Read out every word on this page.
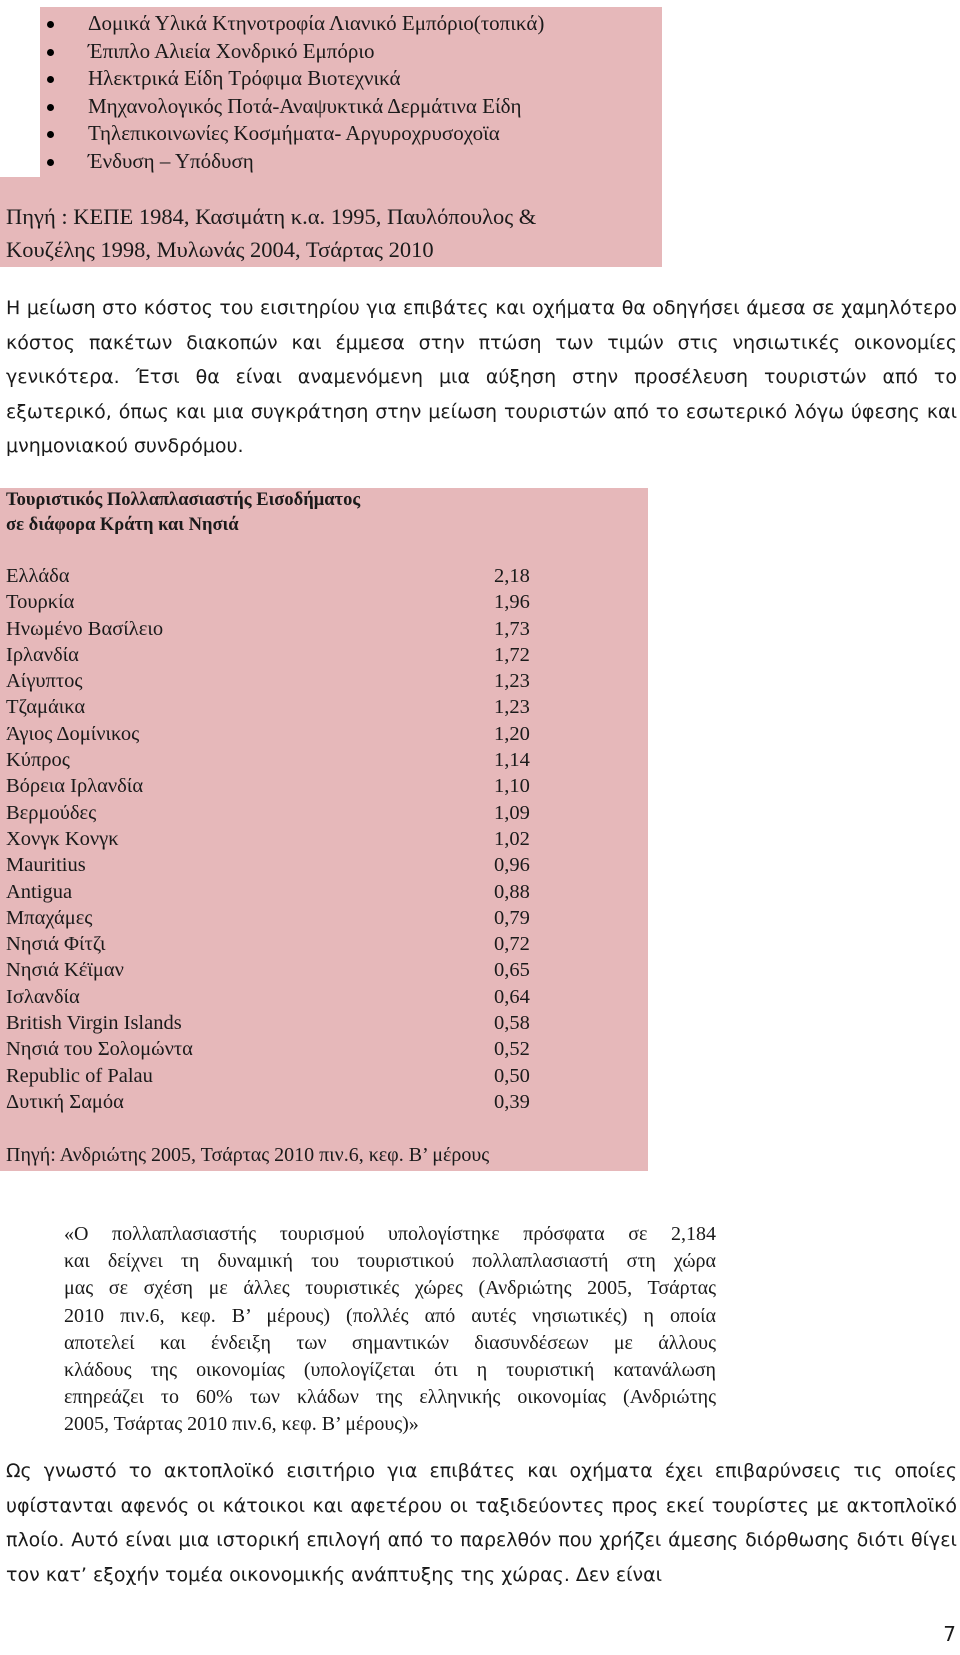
Δομικά Υλικά Κτηνοτροφία Λιανικό Εμπόριο(τοπικά)
Έπιπλο Αλιεία Χονδρικό Εμπόριο
Ηλεκτρικά Είδη Τρόφιμα Βιοτεχνικά
Μηχανολογικός Ποτά-Αναψυκτικά Δερμάτινα Είδη
Τηλεπικοινωνίες Κοσμήματα- Αργυροχρυσοχοϊα
Ένδυση – Υπόδυση
Πηγή : ΚΕΠΕ 1984, Κασιμάτη κ.α. 1995, Παυλόπουλος &
Κουζέλης 1998, Μυλωνάς 2004, Τσάρτας 2010

Η μείωση στο κόστος του εισιτηρίου για επιβάτες και οχήματα θα οδηγήσει άμεσα σε χαμηλότερο κόστος πακέτων διακοπών και έμμεσα στην πτώση των τιμών στις νησιωτικές οικονομίες γενικότερα. Έτσι θα είναι αναμενόμενη μια αύξηση στην προσέλευση τουριστών από το εξωτερικό, όπως και μια συγκράτηση στην μείωση τουριστών από το εσωτερικό λόγω ύφεσης και μνημονιακού συνδρόμου.

Τουριστικός Πολλαπλασιαστής Εισοδήματος
σε διάφορα Κράτη και Νησιά
Ελλάδα	2,18
Τουρκία	1,96
Ηνωμένο Βασίλειο	1,73
Ιρλανδία	1,72
Αίγυπτος	1,23
Τζαμάικα	1,23
Άγιος Δομίνικος	1,20
Κύπρος	1,14
Βόρεια Ιρλανδία	1,10
Βερμούδες	1,09
Χονγκ Κονγκ	1,02
Mauritius	0,96
Antigua	0,88
Μπαχάμες	0,79
Νησιά Φίτζι	0,72
Νησιά Κέϊμαν	0,65
Ισλανδία	0,64
British Virgin Islands	0,58
Νησιά του Σολομώντα	0,52
Republic of Palau	0,50
Δυτική Σαμόα	0,39
Πηγή: Ανδριώτης 2005, Τσάρτας 2010 πιν.6, κεφ. Β’ μέρους
«Ο πολλαπλασιαστής τουρισμού υπολογίστηκε πρόσφατα σε 2,184
και δείχνει τη δυναμική του τουριστικού πολλαπλασιαστή στη χώρα
μας σε σχέση με άλλες τουριστικές χώρες (Ανδριώτης 2005, Τσάρτας
2010 πιν.6, κεφ. Β’ μέρους) (πολλές από αυτές νησιωτικές) η οποία
αποτελεί και ένδειξη των σημαντικών διασυνδέσεων με άλλους
κλάδους της οικονομίας (υπολογίζεται ότι η τουριστική κατανάλωση
επηρεάζει το 60% των κλάδων της ελληνικής οικονομίας (Ανδριώτης
2005, Τσάρτας 2010 πιν.6, κεφ. Β’ μέρους)»

Ως γνωστό το ακτοπλοϊκό εισιτήριο για επιβάτες και οχήματα έχει επιβαρύνσεις τις οποίες υφίστανται αφενός οι κάτοικοι και αφετέρου οι ταξιδεύοντες προς εκεί τουρίστες με ακτοπλοϊκό πλοίο. Αυτό είναι μια ιστορική επιλογή από το παρελθόν που χρήζει άμεσης διόρθωσης διότι θίγει τον κατ’ εξοχήν τομέα οικονομικής ανάπτυξης της χώρας. Δεν είναι

7
